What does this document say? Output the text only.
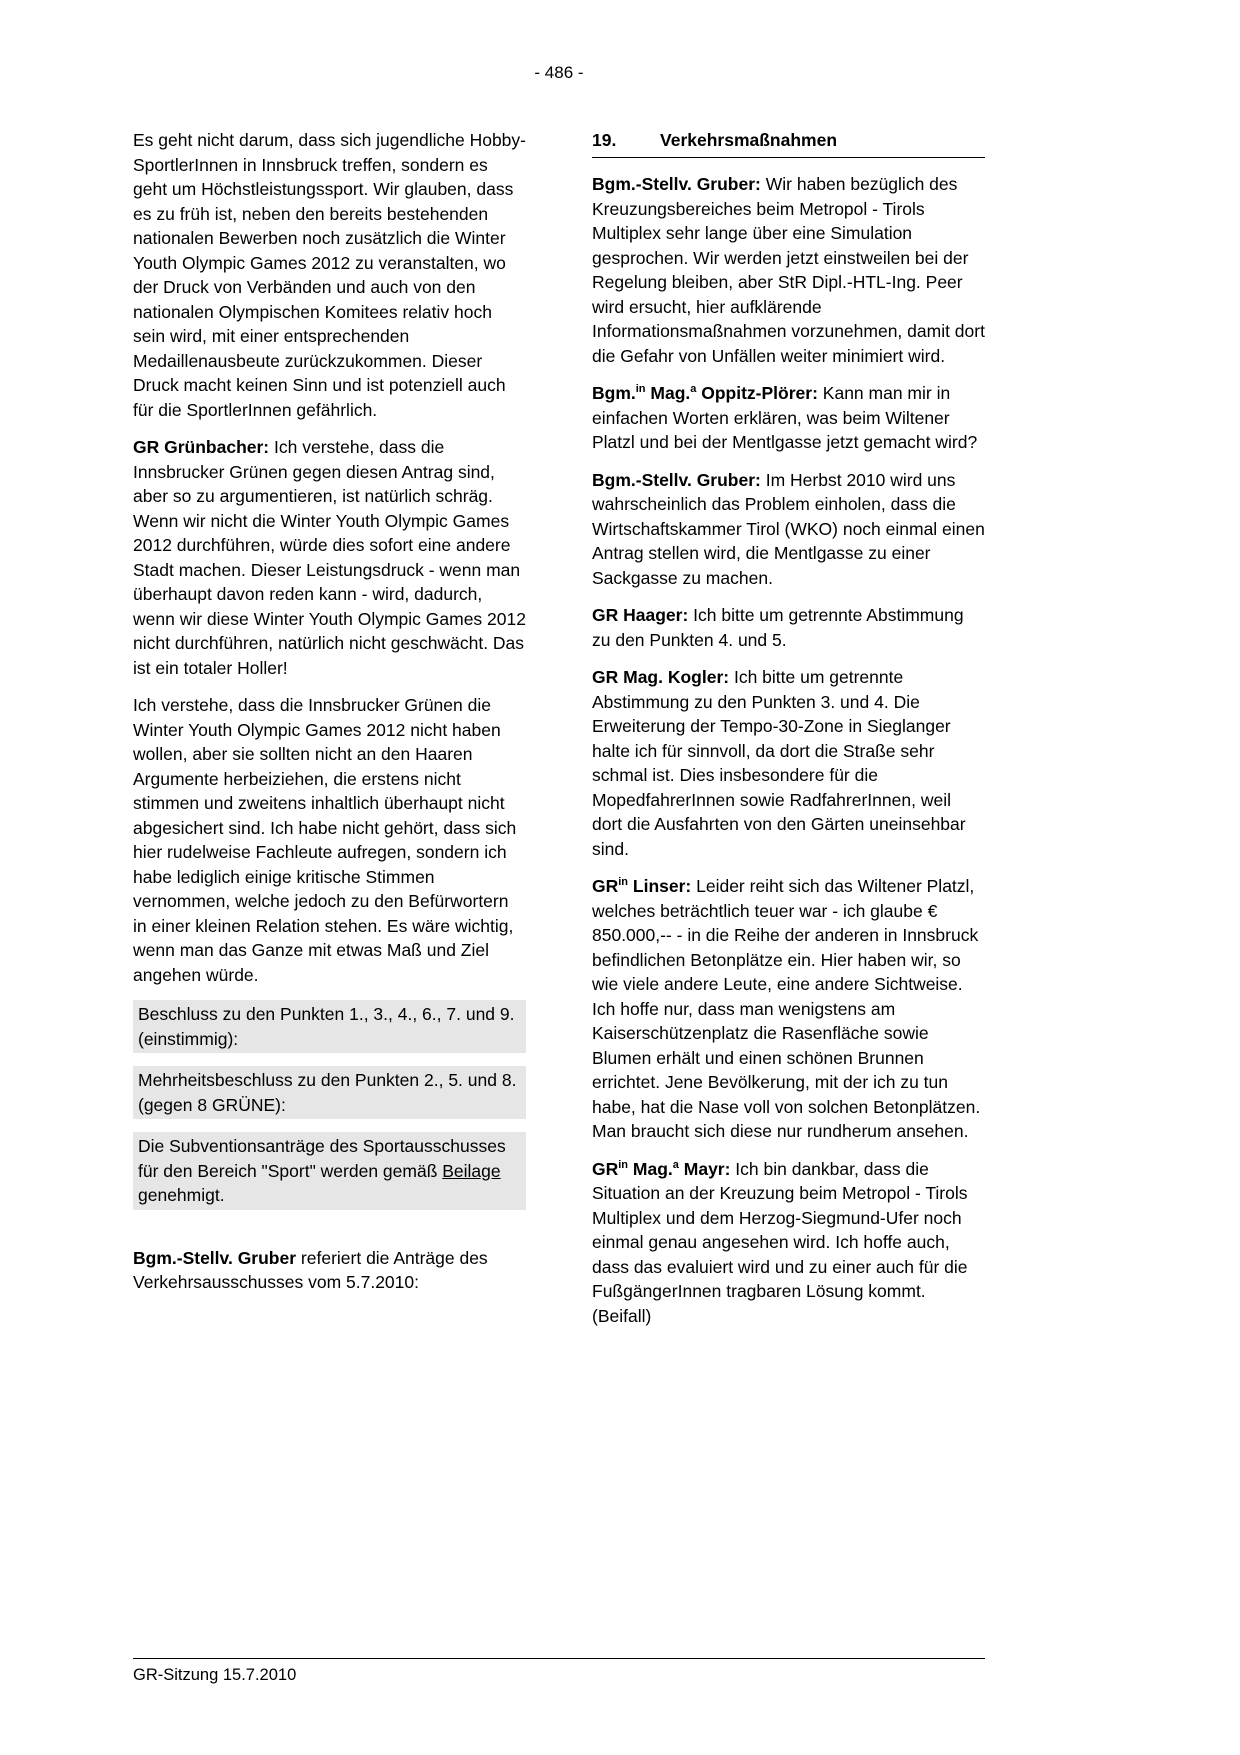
- 486 -

Es geht nicht darum, dass sich jugendliche Hobby-SportlerInnen in Innsbruck treffen, sondern es geht um Höchstleistungssport. Wir glauben, dass es zu früh ist, neben den bereits bestehenden nationalen Bewerben noch zusätzlich die Winter Youth Olympic Games 2012 zu veranstalten, wo der Druck von Verbänden und auch von den nationalen Olympischen Komitees relativ hoch sein wird, mit einer entsprechenden Medaillenausbeute zurückzukommen. Dieser Druck macht keinen Sinn und ist potenziell auch für die SportlerInnen gefährlich.

GR Grünbacher: Ich verstehe, dass die Innsbrucker Grünen gegen diesen Antrag sind, aber so zu argumentieren, ist natürlich schräg. Wenn wir nicht die Winter Youth Olympic Games 2012 durchführen, würde dies sofort eine andere Stadt machen. Dieser Leistungsdruck - wenn man überhaupt davon reden kann - wird, dadurch, wenn wir diese Winter Youth Olympic Games 2012 nicht durchführen, natürlich nicht geschwächt. Das ist ein totaler Holler!

Ich verstehe, dass die Innsbrucker Grünen die Winter Youth Olympic Games 2012 nicht haben wollen, aber sie sollten nicht an den Haaren Argumente herbeiziehen, die erstens nicht stimmen und zweitens inhaltlich überhaupt nicht abgesichert sind. Ich habe nicht gehört, dass sich hier rudelweise Fachleute aufregen, sondern ich habe lediglich einige kritische Stimmen vernommen, welche jedoch zu den Befürwortern in einer kleinen Relation stehen. Es wäre wichtig, wenn man das Ganze mit etwas Maß und Ziel angehen würde.

Beschluss zu den Punkten 1., 3., 4., 6., 7. und 9. (einstimmig):

Mehrheitsbeschluss zu den Punkten 2., 5. und 8. (gegen 8 GRÜNE):

Die Subventionsanträge des Sportausschusses für den Bereich "Sport" werden gemäß Beilage genehmigt.

Bgm.-Stellv. Gruber referiert die Anträge des Verkehrsausschusses vom 5.7.2010:

19.	Verkehrsmaßnahmen

Bgm.-Stellv. Gruber: Wir haben bezüglich des Kreuzungsbereiches beim Metropol - Tirols Multiplex sehr lange über eine Simulation gesprochen. Wir werden jetzt einstweilen bei der Regelung bleiben, aber StR Dipl.-HTL-Ing. Peer wird ersucht, hier aufklärende Informationsmaßnahmen vorzunehmen, damit dort die Gefahr von Unfällen weiter minimiert wird.

Bgm.$^{in}$ Mag.$^a$ Oppitz-Plörer: Kann man mir in einfachen Worten erklären, was beim Wiltener Platzl und bei der Mentlgasse jetzt gemacht wird?

Bgm.-Stellv. Gruber: Im Herbst 2010 wird uns wahrscheinlich das Problem einholen, dass die Wirtschaftskammer Tirol (WKO) noch einmal einen Antrag stellen wird, die Mentlgasse zu einer Sackgasse zu machen.

GR Haager: Ich bitte um getrennte Abstimmung zu den Punkten 4. und 5.

GR Mag. Kogler: Ich bitte um getrennte Abstimmung zu den Punkten 3. und 4. Die Erweiterung der Tempo-30-Zone in Sieglanger halte ich für sinnvoll, da dort die Straße sehr schmal ist. Dies insbesondere für die MopedfahrerInnen sowie RadfahrerInnen, weil dort die Ausfahrten von den Gärten uneinsehbar sind.

$GR^{in}$ Linser: Leider reiht sich das Wiltener Platzl, welches beträchtlich teuer war - ich glaube € 850.000,-- - in die Reihe der anderen in Innsbruck befindlichen Betonplätze ein. Hier haben wir, so wie viele andere Leute, eine andere Sichtweise. Ich hoffe nur, dass man wenigstens am Kaiserschützenplatz die Rasenfläche sowie Blumen erhält und einen schönen Brunnen errichtet. Jene Bevölkerung, mit der ich zu tun habe, hat die Nase voll von solchen Betonplätzen. Man braucht sich diese nur rundherum ansehen.

$GR^{in}$ Mag.$^a$ Mayr: Ich bin dankbar, dass die Situation an der Kreuzung beim Metropol - Tirols Multiplex und dem Herzog-Siegmund-Ufer noch einmal genau angesehen wird. Ich hoffe auch, dass das evaluiert wird und zu einer auch für die FußgängerInnen tragbaren Lösung kommt. (Beifall)

GR-Sitzung 15.7.2010
